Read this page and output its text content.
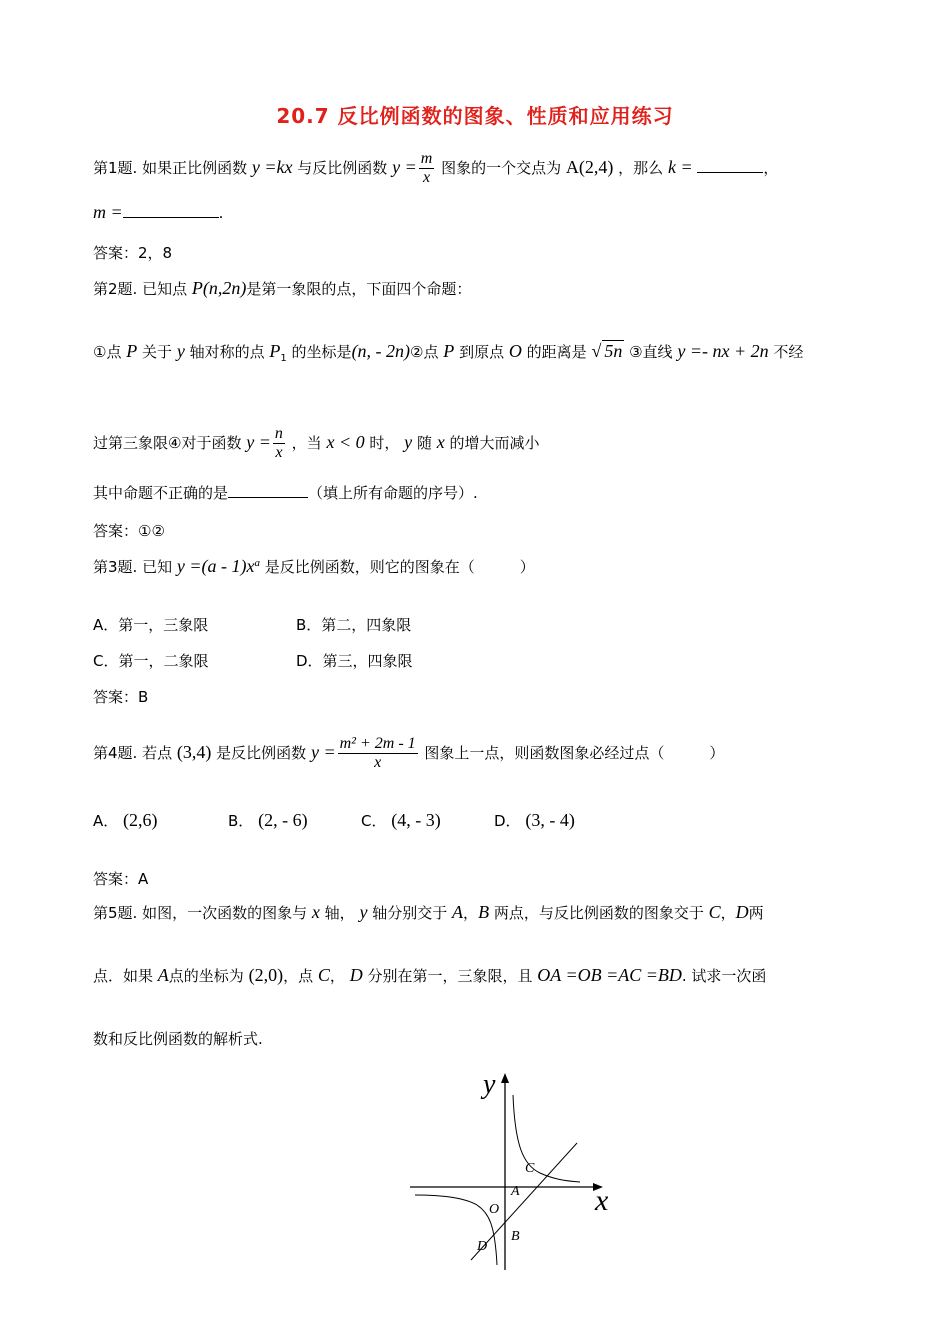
20.7 反比例函数的图象、性质和应用练习
第1题. 如果正比例函数 y =kx 与反比例函数 $y = \frac{m}{x}$ 图象的一个交点为 A(2,4) ，那么 k =	，
m =	.
答案：2，8
第2题. 已知点 P(n,2n)是第一象限的点，下面四个命题：
①点 P 关于 y 轴对称的点 $P_1$ 的坐标是(n, - 2n)②点 P 到原点 O 的距离是 √ 5n ③直线 y =- nx + 2n 不经
过第三象限④对于函数 $y = \frac{n}{x}$ ，当 x < 0 时， y 随 x 的增大而减小
其中命题不正确的是	（填上所有命题的序号）.
答案：①②
第3题. 已知 $y =(a - 1)x^a$ 是反比例函数，则它的图象在（　　　）
A．第一，三象限	B．第二，四象限
C．第一，二象限	D．第三，四象限
答案：B
第4题. 若点 (3,4) 是反比例函数 $y = \frac{\text{m² + 2m - 1}}{x}$ 图象上一点，则函数图象必经过点（　　　）
A． (2,6)	B． (2, - 6)	C． (4, - 3)	D． (3, - 4)
答案：A
第5题. 如图，一次函数的图象与 x 轴， y 轴分别交于 A，B 两点，与反比例函数的图象交于 C，D两
点．如果 A点的坐标为 (2,0)，点 C， D 分别在第一，三象限，且 OA =OB =AC =BD. 试求一次函
数和反比例函数的解析式.
y
x
C
A
O
B
D
